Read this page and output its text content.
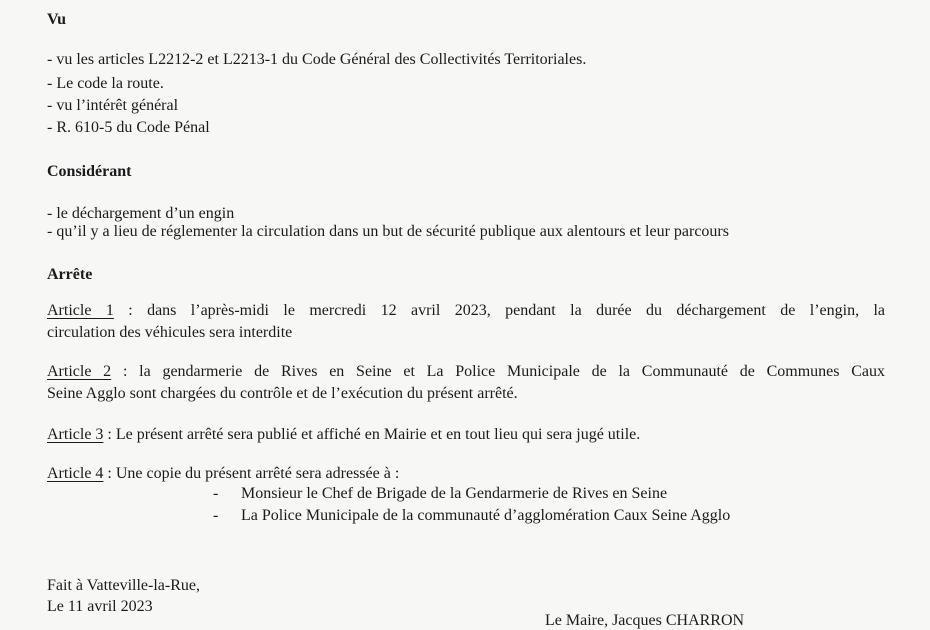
Vu
- vu les articles L2212-2 et L2213-1 du Code Général des Collectivités Territoriales.
- Le code la route.
- vu l’intérêt général
- R. 610-5 du Code Pénal
Considérant
- le déchargement d’un engin
- qu’il y a lieu de réglementer la circulation dans un but de sécurité publique aux alentours et leur parcours
Arrête
Article 1 : dans l’après-midi le mercredi 12 avril 2023, pendant la durée du déchargement de l’engin, la
circulation des véhicules sera interdite
Article 2 : la gendarmerie de Rives en Seine et La Police Municipale de la Communauté de Communes Caux
Seine Agglo sont chargées du contrôle et de l’exécution du présent arrêté.
Article 3 : Le présent arrêté sera publié et affiché en Mairie et en tout lieu qui sera jugé utile.
Article 4 : Une copie du présent arrêté sera adressée à :
- Monsieur le Chef de Brigade de la Gendarmerie de Rives en Seine
- La Police Municipale de la communauté d’agglomération Caux Seine Agglo
Fait à Vatteville-la-Rue,
Le 11 avril 2023
Le Maire, Jacques CHARRON
